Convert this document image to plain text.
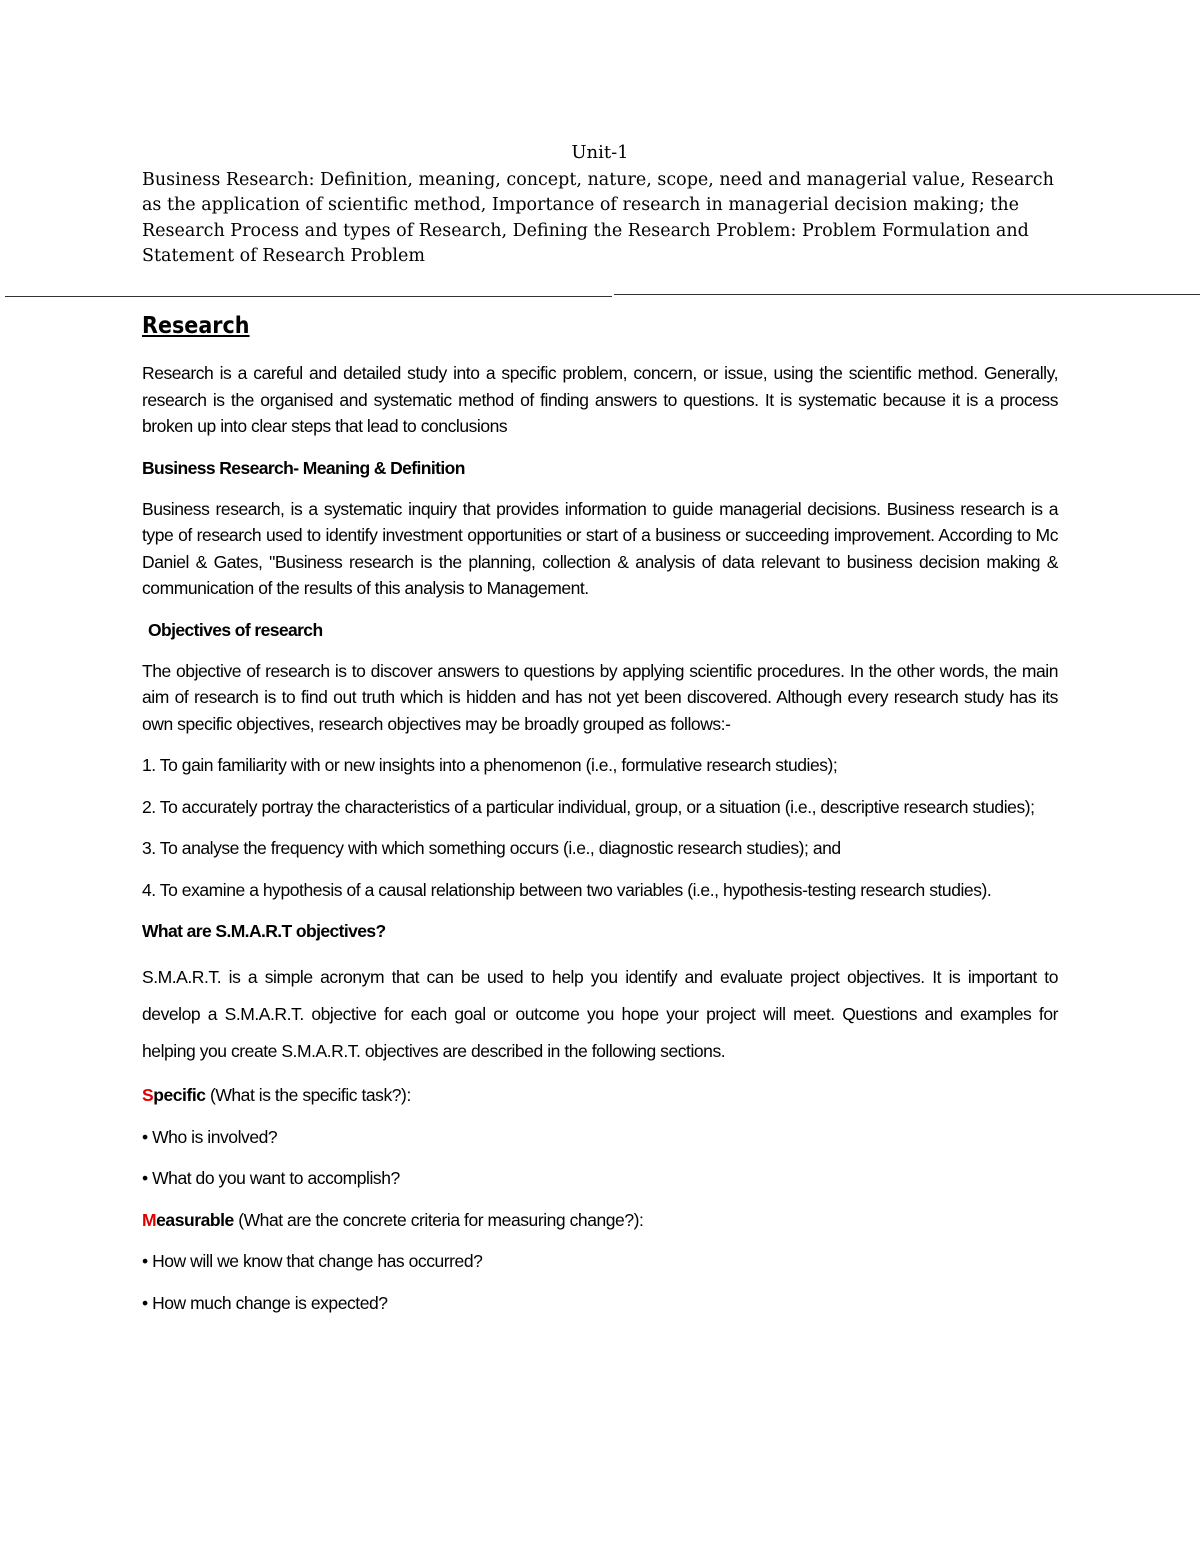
Unit-1

Business Research: Definition, meaning, concept, nature, scope, need and managerial value, Research as the application of scientific method, Importance of research in managerial decision making; the Research Process and types of Research, Defining the Research Problem: Problem Formulation and Statement of Research Problem

Research

Research is a careful and detailed study into a specific problem, concern, or issue, using the scientific method. Generally, research is the organised and systematic method of finding answers to questions. It is systematic because it is a process broken up into clear steps that lead to conclusions

Business Research- Meaning & Definition

Business research, is a systematic inquiry that provides information to guide managerial decisions. Business research is a type of research used to identify investment opportunities or start of a business or succeeding improvement. According to Mc Daniel & Gates, "Business research is the planning, collection & analysis of data relevant to business decision making & communication of the results of this analysis to Management.

Objectives of research

The objective of research is to discover answers to questions by applying scientific procedures. In the other words, the main aim of research is to find out truth which is hidden and has not yet been discovered. Although every research study has its own specific objectives, research objectives may be broadly grouped as follows:-

1. To gain familiarity with or new insights into a phenomenon (i.e., formulative research studies);

2. To accurately portray the characteristics of a particular individual, group, or a situation (i.e., descriptive research studies);

3. To analyse the frequency with which something occurs (i.e., diagnostic research studies); and

4. To examine a hypothesis of a causal relationship between two variables (i.e., hypothesis-testing research studies).

What are S.M.A.R.T objectives?

S.M.A.R.T. is a simple acronym that can be used to help you identify and evaluate project objectives. It is important to develop a S.M.A.R.T. objective for each goal or outcome you hope your project will meet. Questions and examples for helping you create S.M.A.R.T. objectives are described in the following sections.

Specific (What is the specific task?):

• Who is involved?

• What do you want to accomplish?

Measurable (What are the concrete criteria for measuring change?):

• How will we know that change has occurred?

• How much change is expected?
